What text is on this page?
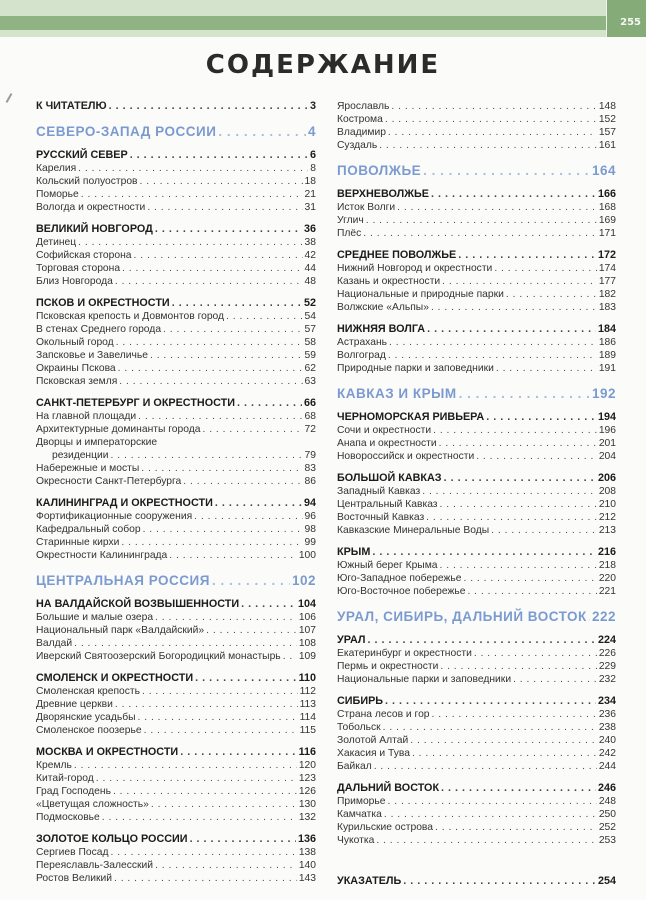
255
СОДЕРЖАНИЕ
К ЧИТАТЕЛЮ . . .	3
СЕВЕРО-ЗАПАД РОССИИ . . .	4
РУССКИЙ СЕВЕР . . .	6
Карелия . . .	8
Кольский полуостров . . .	18
Поморье . . .	21
Вологда и окрестности . . .	31
ВЕЛИКИЙ НОВГОРОД . . .	36
Детинец . . .	38
Софийская сторона . . .	42
Торговая сторона . . .	44
Близ Новгорода . . .	48
ПСКОВ И ОКРЕСТНОСТИ . . .	52
Псковская крепость и Довмонтов город . . .	54
В стенах Среднего города . . .	57
Окольный город . . .	58
Запсковье и Завеличье . . .	59
Окраины Пскова . . .	62
Псковская земля . . .	63
САНКТ-ПЕТЕРБУРГ И ОКРЕСТНОСТИ . . .	66
На главной площади . . .	68
Архитектурные доминанты города . . .	72
Дворцы и императорские
резиденции . . .	79
Набережные и мосты . . .	83
Окресности Санкт-Петербурга . . .	86
КАЛИНИНГРАД И ОКРЕСТНОСТИ . . .	94
Фортификационные сооружения . . .	96
Кафедральный собор . . .	98
Старинные кирхи . . .	99
Окрестности Калининграда . . .	100
ЦЕНТРАЛЬНАЯ РОССИЯ . . .	102
НА ВАЛДАЙСКОЙ ВОЗВЫШЕННОСТИ . . .	104
Большие и малые озера . . .	106
Национальный парк «Валдайский» . . .	107
Валдай . . .	108
Иверский Святоозерский Богородицкий монастырь . . . 109
СМОЛЕНСК И ОКРЕСТНОСТИ . . .	110
Смоленская крепость . . .	112
Древние церкви . . .	113
Дворянские усадьбы . . .	114
Смоленское поозерье . . .	115
МОСКВА И ОКРЕСТНОСТИ . . .	116
Кремль . . .	120
Китай-город . . .	123
Град Господень . . .	126
«Цветущая сложность» . . .	130
Подмосковье . . .	132
ЗОЛОТОЕ КОЛЬЦО РОССИИ . . .	136
Сергиев Посад . . .	138
Переяславль-Залесский . . .	140
Ростов Великий . . .	143
Ярославль . . .	148
Кострома . . .	152
Владимир . . .	157
Суздаль . . .	161
ПОВОЛЖЬЕ . . .	164
ВЕРХНЕВОЛЖЬЕ . . .	166
Исток Волги . . .	168
Углич . . .	169
Плёс . . .	171
СРЕДНЕЕ ПОВОЛЖЬЕ . . .	172
Нижний Новгород и окрестности . . .	174
Казань и окрестности . . .	177
Национальные и природные парки . . .	182
Волжские «Альпы» . . .	183
НИЖНЯЯ ВОЛГА . . .	184
Астрахань . . .	186
Волгоград . . .	189
Природные парки и заповедники . . .	191
КАВКАЗ И КРЫМ . . .	192
ЧЕРНОМОРСКАЯ РИВЬЕРА . . .	194
Сочи и окрестности . . .	196
Анапа и окрестности . . .	201
Новороссийск и окрестности . . .	204
БОЛЬШОЙ КАВКАЗ . . .	206
Западный Кавказ . . .	208
Центральный Кавказ . . .	210
Восточный Кавказ . . .	212
Кавказские Минеральные Воды . . .	213
КРЫМ . . .	216
Южный берег Крыма . . .	218
Юго-Западное побережье . . .	220
Юго-Восточное побережье . . .	221
УРАЛ, СИБИРЬ, ДАЛЬНИЙ ВОСТОК . . . 222
УРАЛ . . .	224
Екатеринбург и окрестности . . .	226
Пермь и окрестности . . .	229
Национальные парки и заповедники . . .	232
СИБИРЬ . . .	234
Страна лесов и гор . . .	236
Тобольск . . .	238
Золотой Алтай . . .	240
Хакасия и Тува . . .	242
Байкал . . .	244
ДАЛЬНИЙ ВОСТОК . . .	246
Приморье . . .	248
Камчатка . . .	250
Курильские острова . . .	252
Чукотка . . .	253
УКАЗАТЕЛЬ . . .	254
